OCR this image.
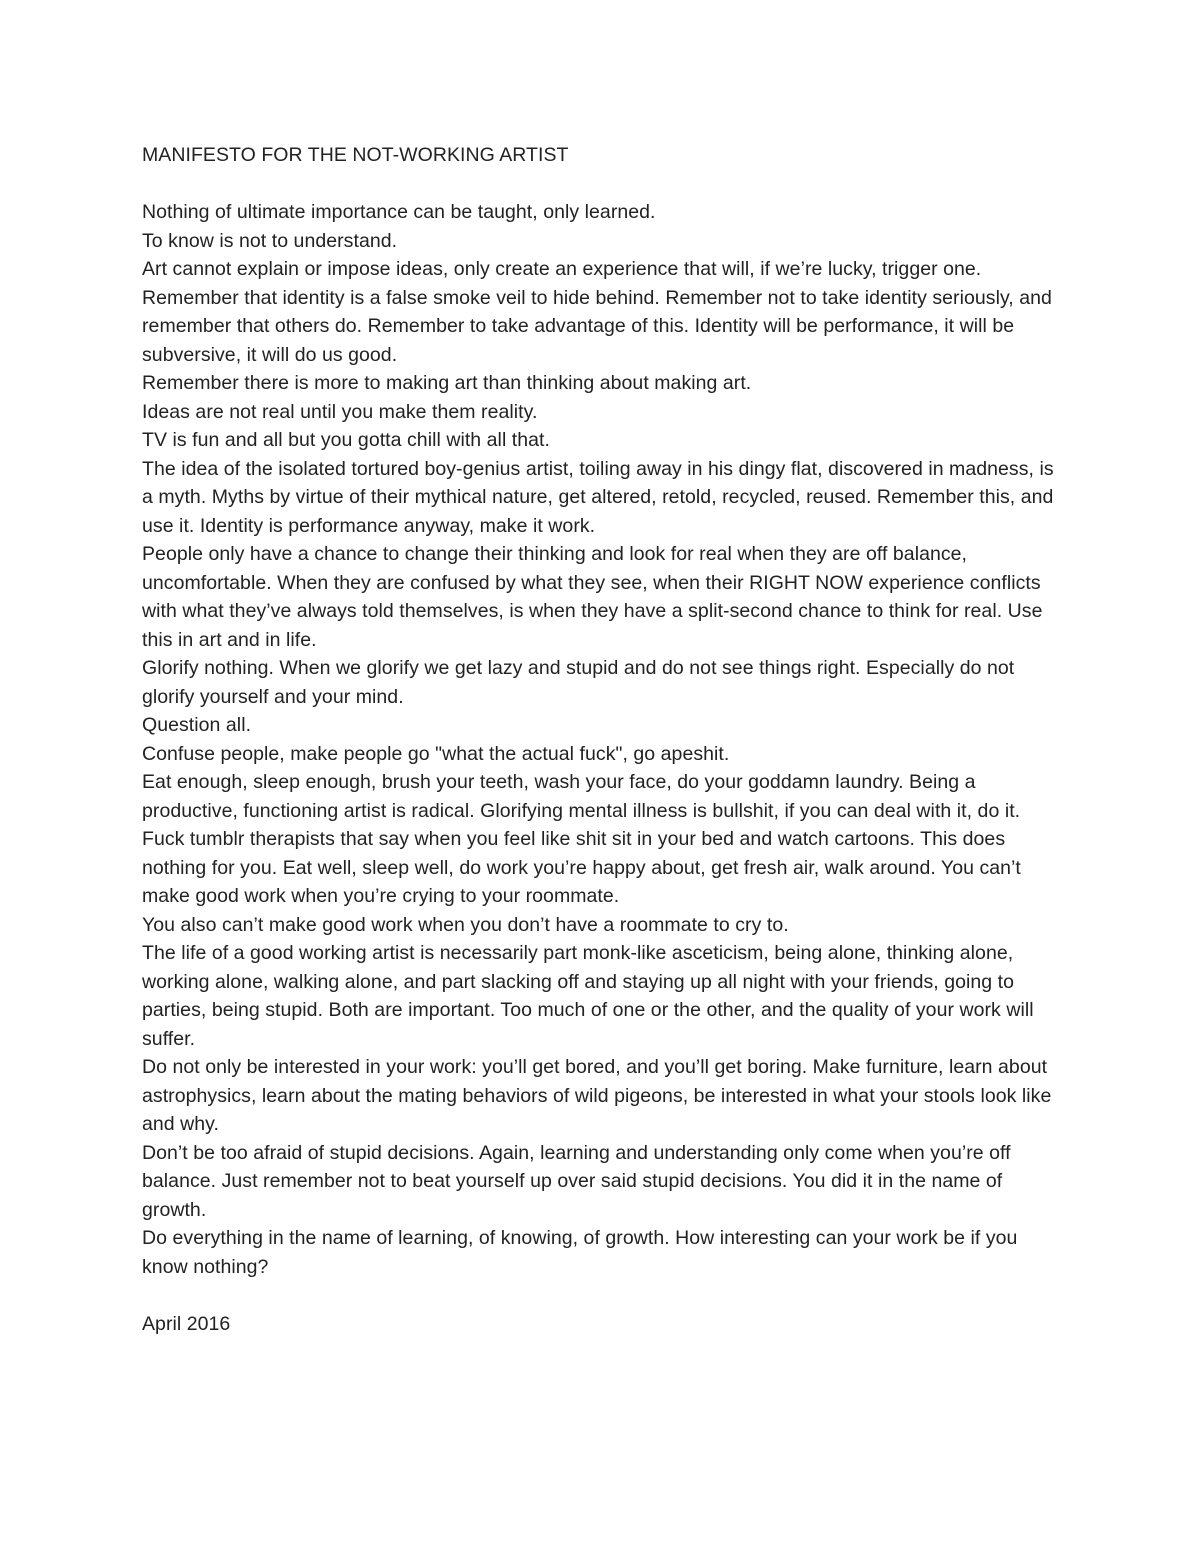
MANIFESTO FOR THE NOT-WORKING ARTIST

Nothing of ultimate importance can be taught, only learned.

To know is not to understand.

Art cannot explain or impose ideas, only create an experience that will, if we’re lucky, trigger one.

Remember that identity is a false smoke veil to hide behind. Remember not to take identity seriously, and remember that others do. Remember to take advantage of this. Identity will be performance, it will be subversive, it will do us good.

Remember there is more to making art than thinking about making art.

Ideas are not real until you make them reality.

TV is fun and all but you gotta chill with all that.

The idea of the isolated tortured boy-genius artist, toiling away in his dingy flat, discovered in madness, is a myth. Myths by virtue of their mythical nature, get altered, retold, recycled, reused. Remember this, and use it. Identity is performance anyway, make it work.

People only have a chance to change their thinking and look for real when they are off balance, uncomfortable. When they are confused by what they see, when their RIGHT NOW experience conflicts with what they’ve always told themselves, is when they have a split-second chance to think for real. Use this in art and in life.

Glorify nothing. When we glorify we get lazy and stupid and do not see things right. Especially do not glorify yourself and your mind.

Question all.

Confuse people, make people go "what the actual fuck", go apeshit.

Eat enough, sleep enough, brush your teeth, wash your face, do your goddamn laundry. Being a productive, functioning artist is radical. Glorifying mental illness is bullshit, if you can deal with it, do it. Fuck tumblr therapists that say when you feel like shit sit in your bed and watch cartoons. This does nothing for you. Eat well, sleep well, do work you’re happy about, get fresh air, walk around. You can’t make good work when you’re crying to your roommate.

You also can’t make good work when you don’t have a roommate to cry to.

The life of a good working artist is necessarily part monk-like asceticism, being alone, thinking alone, working alone, walking alone, and part slacking off and staying up all night with your friends, going to parties, being stupid. Both are important. Too much of one or the other, and the quality of your work will suffer.

Do not only be interested in your work: you’ll get bored, and you’ll get boring. Make furniture, learn about astrophysics, learn about the mating behaviors of wild pigeons, be interested in what your stools look like and why.

Don’t be too afraid of stupid decisions. Again, learning and understanding only come when you’re off balance. Just remember not to beat yourself up over said stupid decisions. You did it in the name of growth.

Do everything in the name of learning, of knowing, of growth. How interesting can your work be if you know nothing?

April 2016
